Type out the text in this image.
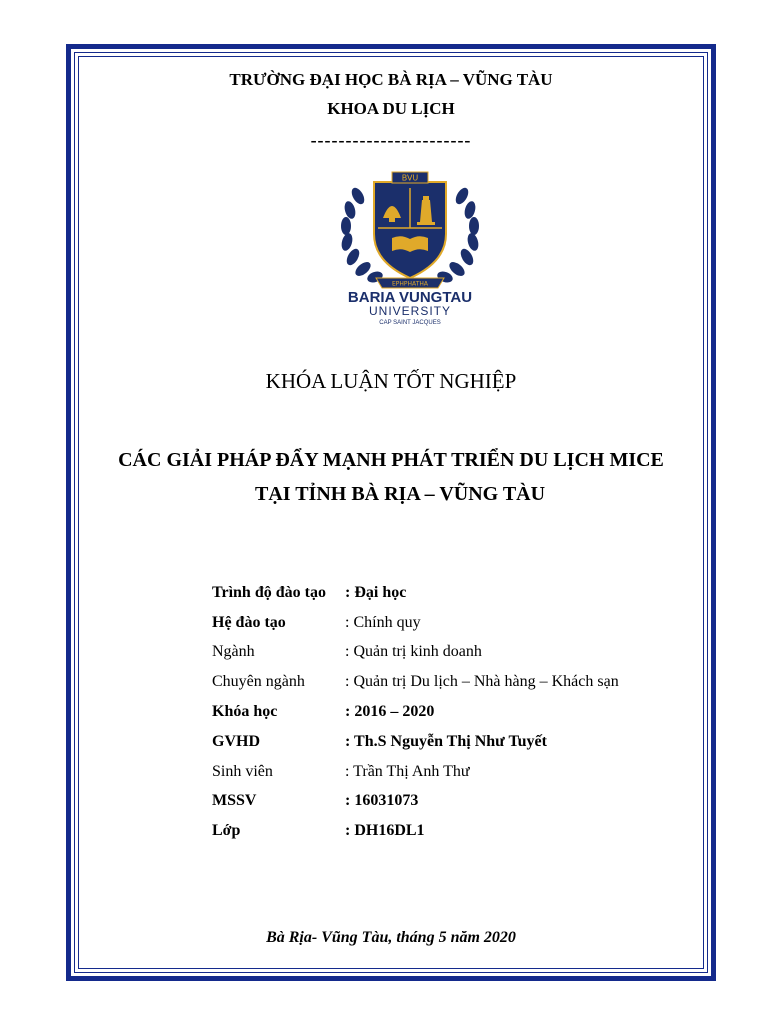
TRƯỜNG ĐẠI HỌC BÀ RỊA – VŨNG TÀU
KHOA DU LỊCH
-----------------------
BVU
EPHPHATHA
BARIA VUNGTAU
UNIVERSITY
CAP SAINT JACQUES
KHÓA LUẬN TỐT NGHIỆP
CÁC GIẢI PHÁP ĐẨY MẠNH PHÁT TRIỂN DU LỊCH MICE
TẠI TỈNH BÀ RỊA – VŨNG TÀU
Trình độ đào tạo	: Đại học
Hệ đào tạo	: Chính quy
Ngành	: Quản trị kinh doanh
Chuyên ngành	: Quản trị Du lịch – Nhà hàng – Khách sạn
Khóa học	: 2016 – 2020
GVHD	: Th.S Nguyễn Thị Như Tuyết
Sinh viên	: Trần Thị Anh Thư
MSSV	: 16031073
Lớp	: DH16DL1
Bà Rịa- Vũng Tàu, tháng 5 năm 2020
